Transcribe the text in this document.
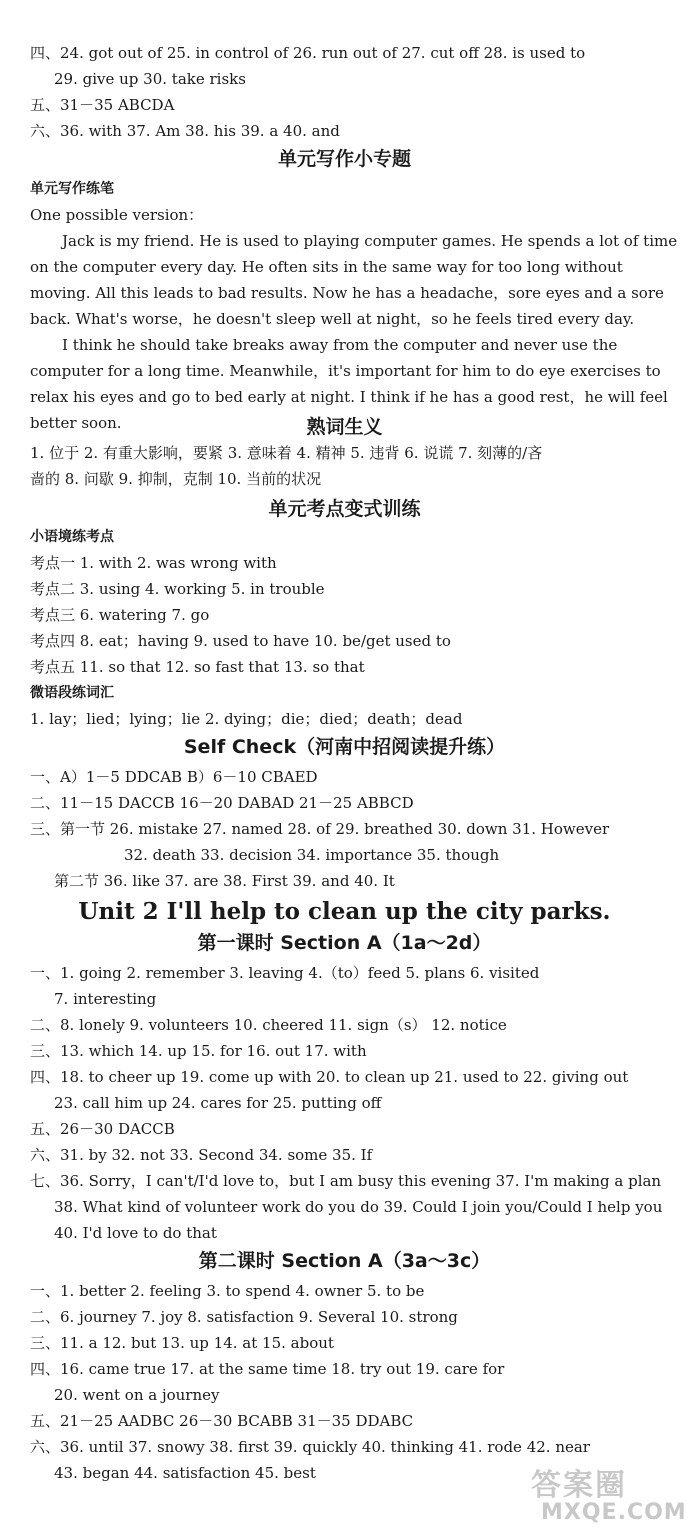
四、24. got out of 25. in control of 26. run out of 27. cut off 28. is used to
29. give up 30. take risks
五、31－35 ABCDA
六、36. with 37. Am 38. his 39. a 40. and
单元写作小专题
单元写作练笔
One possible version：
Jack is my friend. He is used to playing computer games. He spends a lot of time on the computer every day. He often sits in the same way for too long without moving. All this leads to bad results. Now he has a headache，sore eyes and a sore back. What's worse，he doesn't sleep well at night，so he feels tired every day.
I think he should take breaks away from the computer and never use the computer for a long time. Meanwhile，it's important for him to do eye exercises to relax his eyes and go to bed early at night. I think if he has a good rest，he will feel better soon.	熟词生义
1. 位于 2. 有重大影响，要紧 3. 意味着 4. 精神 5. 违背 6. 说谎 7. 刻薄的/吝
啬的 8. 问歇 9. 抑制，克制 10. 当前的状况
单元考点变式训练
小语境练考点
考点一 1. with 2. was wrong with
考点二 3. using 4. working 5. in trouble
考点三 6. watering 7. go
考点四 8. eat；having 9. used to have 10. be/get used to
考点五 11. so that 12. so fast that 13. so that
微语段练词汇
1. lay；lied；lying；lie 2. dying；die；died；death；dead
Self Check（河南中招阅读提升练）
一、A）1－5 DDCAB B）6－10 CBAED
二、11－15 DACCB 16－20 DABAD 21－25 ABBCD
三、第一节 26. mistake 27. named 28. of 29. breathed 30. down 31. However
32. death 33. decision 34. importance 35. though
第二节 36. like 37. are 38. First 39. and 40. It
Unit 2 I'll help to clean up the city parks.
第一课时 Section A（1a～2d）
一、1. going 2. remember 3. leaving 4.（to）feed 5. plans 6. visited
7. interesting
二、8. lonely 9. volunteers 10. cheered 11. sign（s） 12. notice
三、13. which 14. up 15. for 16. out 17. with
四、18. to cheer up 19. come up with 20. to clean up 21. used to 22. giving out
23. call him up 24. cares for 25. putting off
五、26－30 DACCB
六、31. by 32. not 33. Second 34. some 35. If
七、36. Sorry，I can't/I'd love to，but I am busy this evening 37. I'm making a plan
38. What kind of volunteer work do you do 39. Could I join you/Could I help you
40. I'd love to do that
第二课时 Section A（3a～3c）
一、1. better 2. feeling 3. to spend 4. owner 5. to be
二、6. journey 7. joy 8. satisfaction 9. Several 10. strong
三、11. a 12. but 13. up 14. at 15. about
四、16. came true 17. at the same time 18. try out 19. care for
20. went on a journey
五、21－25 AADBC 26－30 BCABB 31－35 DDABC
六、36. until 37. snowy 38. first 39. quickly 40. thinking 41. rode 42. near
43. began 44. satisfaction 45. best	答案圈
MXQE.COM
